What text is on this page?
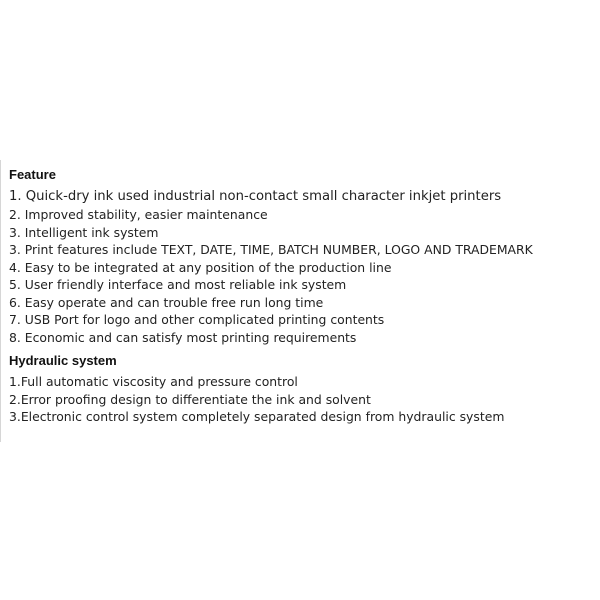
Feature
1. Quick-dry ink used industrial non-contact small character inkjet printers
2. Improved stability, easier maintenance
3. Intelligent ink system
3. Print features include TEXT, DATE, TIME, BATCH NUMBER, LOGO AND TRADEMARK
4. Easy to be integrated at any position of the production line
5. User friendly interface and most reliable ink system
6. Easy operate and can trouble free run long time
7. USB Port for logo and other complicated printing contents
8. Economic and can satisfy most printing requirements
Hydraulic system
1.Full automatic viscosity and pressure control
2.Error proofing design to differentiate the ink and solvent
3.Electronic control system completely separated design from hydraulic system
